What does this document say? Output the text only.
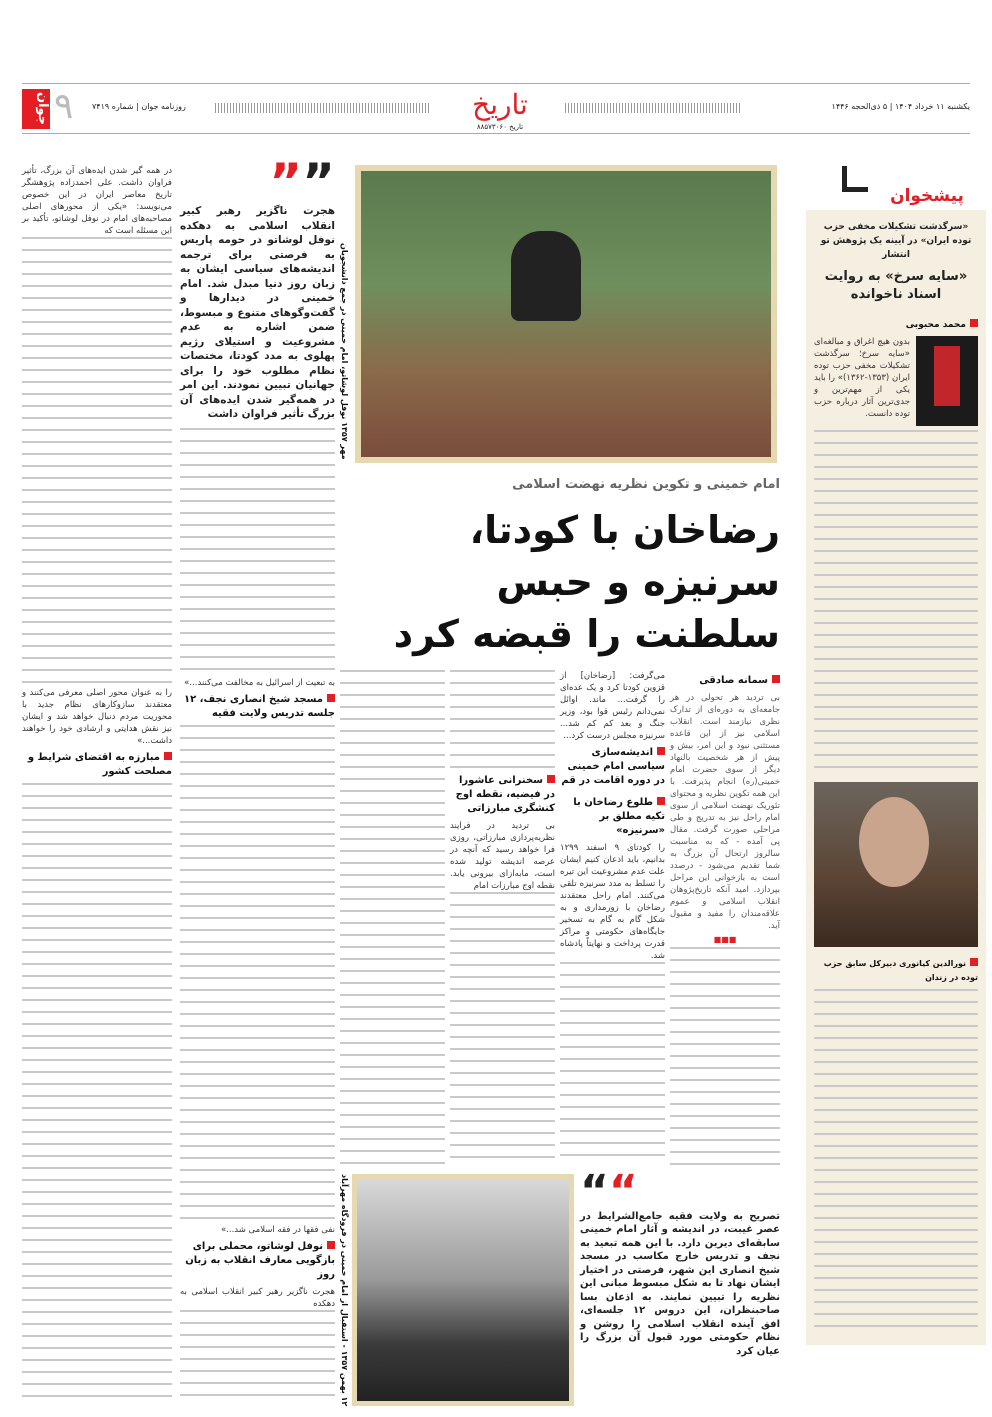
جوان ۹ روزنامه جوان | شماره ۷۴۱۹	تاریخ
تاریخ ۸۸۵۷۳۰۶۰
یکشنبه ۱۱ خرداد ۱۴۰۴ | ۵ ذی‌الحجه ۱۴۴۶
پیشخوان
«سرگذشت تشکیلات مخفی حزب توده ایران» در آیینه یک پژوهش تو انتشار
«سایه سرخ» به روایت اسناد ناخوانده
محمد محبوبی
بدون هیچ اغراق و مبالغه‌ای «سایه سرخ؛ سرگذشت تشکیلات مخفی حزب توده ایران (۱۳۵۳-۱۳۶۲)» را باید یکی از مهم‌ترین و جدی‌ترین آثار درباره حزب توده دانست.
نورالدین کیانوری دبیرکل سابق حزب توده در زندان
مهر ۱۳۵۷ نوفل لوشاتو، امام خمینی در جمع دانشجویان
امام خمینی و تکوین نظریه نهضت اسلامی
رضاخان با کودتا، سرنیزه و حبس سلطنت را قبضه کرد
سمانه صادقی
بی تردید هر تحولی در هر جامعه‌ای به دوره‌ای از تدارک نظری نیازمند است. انقلاب اسلامی نیز از این قاعده مستثنی نبود و این امر، بیش و پیش از هر شخصیت بالنهاد دیگر از سوی حضرت امام خمینی(ره) انجام پذیرفت. با این همه تکوین نظریه و محتوای تئوریک نهضت اسلامی از سوی امام راحل نیز به تدریج و طی مراحلی صورت گرفت. مقال پی آمده - که به مناسبت سالروز ارتحال آن بزرگ به شما تقدیم می‌شود - درصدد است به بازخوانی این مراحل بپردازد. امید آنکه تاریخ‌پژوهان انقلاب اسلامی و عموم علاقه‌مندان را مفید و مقبول آید.
■■■
می‌گرفت: [رضاخان] از قزوین کودتا کرد و یک عده‌ای را گرفت... ماند. اوائل نمی‌دانم رئیس قوا بود، وزیر جنگ و بعد کم کم شد... سرنیزه مجلس درست کرد...
اندیشه‌سازی سیاسی امام خمینی در دوره اقامت در قم
طلوع رضاخان با تکیه مطلق بر «سرنیزه»
را کودتای ۹ اسفند ۱۲۹۹ بدانیم، باید اذعان کنیم ایشان علت عدم مشروعیت این تیره را تسلط به مدد سرنیزه تلقی می‌کنند. امام راحل معتقدند رضاخان با زورمداری و به شکل گام به گام به تسخیر جایگاه‌های حکومتی و مراکز قدرت پرداخت و نهایتاً پادشاه شد.
سخنرانی عاشورا در فیضیه، نقطه اوج کنشگری مبارزاتی
بی تردید در فرایند نظریه‌پردازی مبارزاتی، روزی فرا خواهد رسید که آنچه در عرصه اندیشه تولید شده است، مابه‌ازای بیرونی یابد. نقطه اوج مبارزات امام
““
تصریح به ولایت فقیه جامع‌الشرایط در عصر غیبت، در اندیشه و آثار امام خمینی سابقه‌ای دیرین دارد. با این همه تبعید به نجف و تدریس خارج مکاسب در مسجد شیخ انصاری این شهر، فرصتی در اختیار ایشان نهاد تا به شکل مبسوط مبانی این نظریه را تبیین نمایند. به اذعان بسا صاحبنظران، این دروس ۱۲ جلسه‌ای، افق آینده انقلاب اسلامی را روشن و نظام حکومتی مورد قبول آن بزرگ را عیان کرد
۱۲ بهمن ۱۳۵۷ - استقبال از امام خمینی در فرودگاه مهرآباد
””
هجرت ناگزیر رهبر کبیر انقلاب اسلامی به دهکده نوفل لوشاتو در حومه پاریس به فرصتی برای ترجمه اندیشه‌های سیاسی ایشان به زبان روز دنیا مبدل شد. امام خمینی در دیدارها و گفت‌وگوهای متنوع و مبسوط، ضمن اشاره به عدم مشروعیت و استیلای رژیم پهلوی به مدد کودتا، مختصات نظام مطلوب خود را برای جهانیان تبیین نمودند. این امر در همه‌گیر شدن ایده‌های آن بزرگ تأثیر فراوان داشت
به تبعیت از اسرائیل به مخالفت می‌کنند...»
مسجد شیخ انصاری نجف، ۱۲ جلسه تدریس ولایت فقیه
نفی فقها در فقه اسلامی شد...»
نوفل لوشاتو، محملی برای بازگویی معارف انقلاب به زبان روز
هجرت ناگزیر رهبر کبیر انقلاب اسلامی به دهکده
در همه گیر شدن ایده‌های آن بزرگ، تأثیر فراوان داشت. علی احمدزاده پژوهشگر تاریخ معاصر ایران در این خصوص می‌نویسد: «یکی از محورهای اصلی مصاحبه‌های امام در نوفل لوشاتو، تأکید بر این مسئله است که
را به عنوان محور اصلی معرفی می‌کنند و معتقدند سازوکارهای نظام جدید با محوریت مردم دنبال خواهد شد و ایشان نیز نقش هدایتی و ارشادی خود را خواهند داشت...»
مبارزه به اقتضای شرایط و مصلحت کشور
